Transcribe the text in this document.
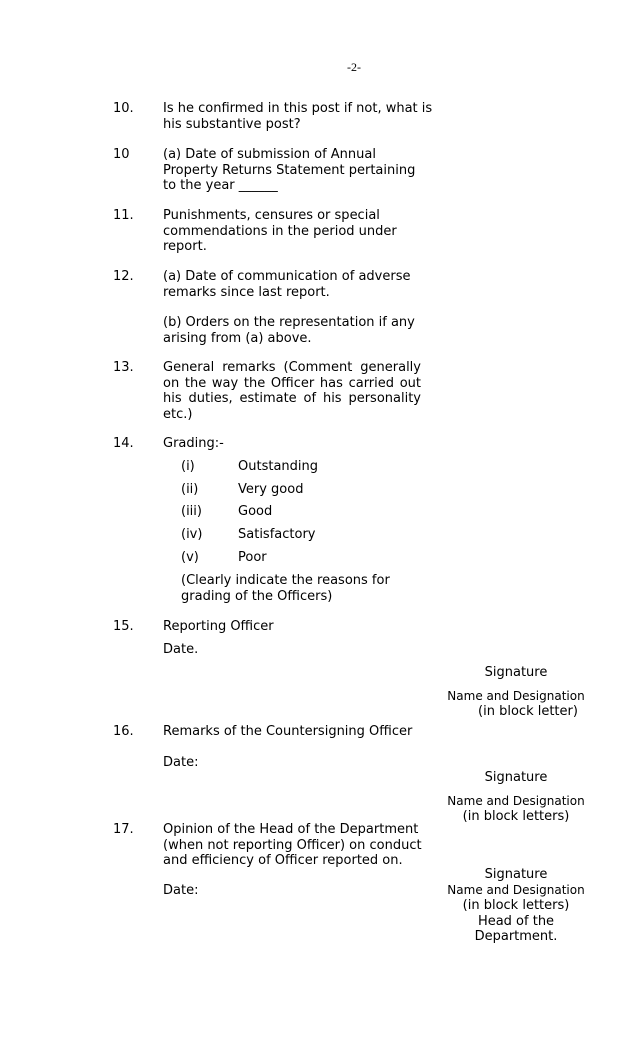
-2-
10. Is he confirmed in this post if not, what is
his substantive post?
10	(a) Date of submission of Annual
Property Returns Statement pertaining
to the year ______
11. Punishments, censures or special
commendations in the period under
report.
12. (a) Date of communication of adverse
remarks since last report.
(b) Orders on the representation if any
arising from (a) above.
13. General remarks (Comment generally
on the way the Officer has carried out
his duties, estimate of his personality
etc.)
14. Grading:-
(i)	Outstanding
(ii)	Very good
(iii)	Good
(iv)	Satisfactory
(v)	Poor
(Clearly indicate the reasons for
grading of the Officers)
15. Reporting Officer
Date.
Signature
Name and Designation
(in block letter)
16. Remarks of the Countersigning Officer
Date:
Signature
Name and Designation
(in block letters)
17. Opinion of the Head of the Department
(when not reporting Officer) on conduct
and efficiency of Officer reported on.
Date:
Signature
Name and Designation
(in block letters)
Head of the
Department.
